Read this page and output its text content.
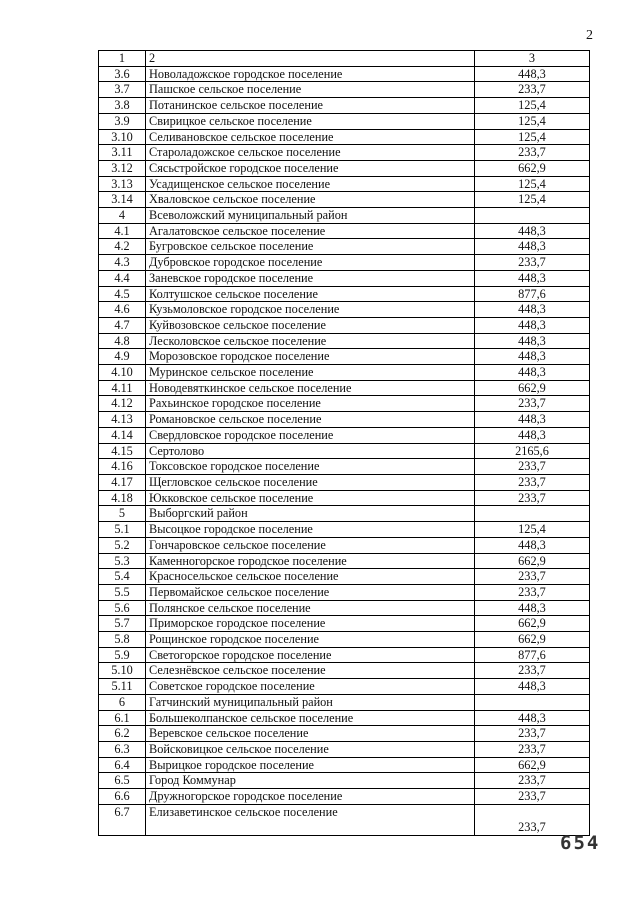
2
1	2	3
3.6	Новоладожское городское поселение	448,3
3.7	Пашское сельское поселение	233,7
3.8	Потанинское сельское поселение	125,4
3.9	Свирицкое сельское поселение	125,4
3.10	Селивановское сельское поселение	125,4
3.11	Староладожское сельское поселение	233,7
3.12	Сясьстройское городское поселение	662,9
3.13	Усадищенское сельское поселение	125,4
3.14	Хваловское сельское поселение	125,4
4	Всеволожский муниципальный район	
4.1	Агалатовское сельское поселение	448,3
4.2	Бугровское сельское поселение	448,3
4.3	Дубровское городское поселение	233,7
4.4	Заневское городское поселение	448,3
4.5	Колтушское сельское поселение	877,6
4.6	Кузьмоловское городское поселение	448,3
4.7	Куйвозовское сельское поселение	448,3
4.8	Лесколовское сельское поселение	448,3
4.9	Морозовское городское поселение	448,3
4.10	Муринское сельское поселение	448,3
4.11	Новодевяткинское сельское поселение	662,9
4.12	Рахьинское городское поселение	233,7
4.13	Романовское сельское поселение	448,3
4.14	Свердловское городское поселение	448,3
4.15	Сертолово	2165,6
4.16	Токсовское городское поселение	233,7
4.17	Щегловское сельское поселение	233,7
4.18	Юкковское сельское поселение	233,7
5	Выборгский район	
5.1	Высоцкое городское поселение	125,4
5.2	Гончаровское сельское поселение	448,3
5.3	Каменногорское городское поселение	662,9
5.4	Красносельское сельское поселение	233,7
5.5	Первомайское сельское поселение	233,7
5.6	Полянское сельское поселение	448,3
5.7	Приморское городское поселение	662,9
5.8	Рощинское городское поселение	662,9
5.9	Светогорское городское поселение	877,6
5.10	Селезнёвское сельское поселение	233,7
5.11	Советское городское поселение	448,3
6	Гатчинский муниципальный район	
6.1	Большеколпанское сельское поселение	448,3
6.2	Веревское сельское поселение	233,7
6.3	Войсковицкое сельское поселение	233,7
6.4	Вырицкое городское поселение	662,9
6.5	Город Коммунар	233,7
6.6	Дружногорское городское поселение	233,7
6.7	Елизаветинское сельское поселение	233,7
654
